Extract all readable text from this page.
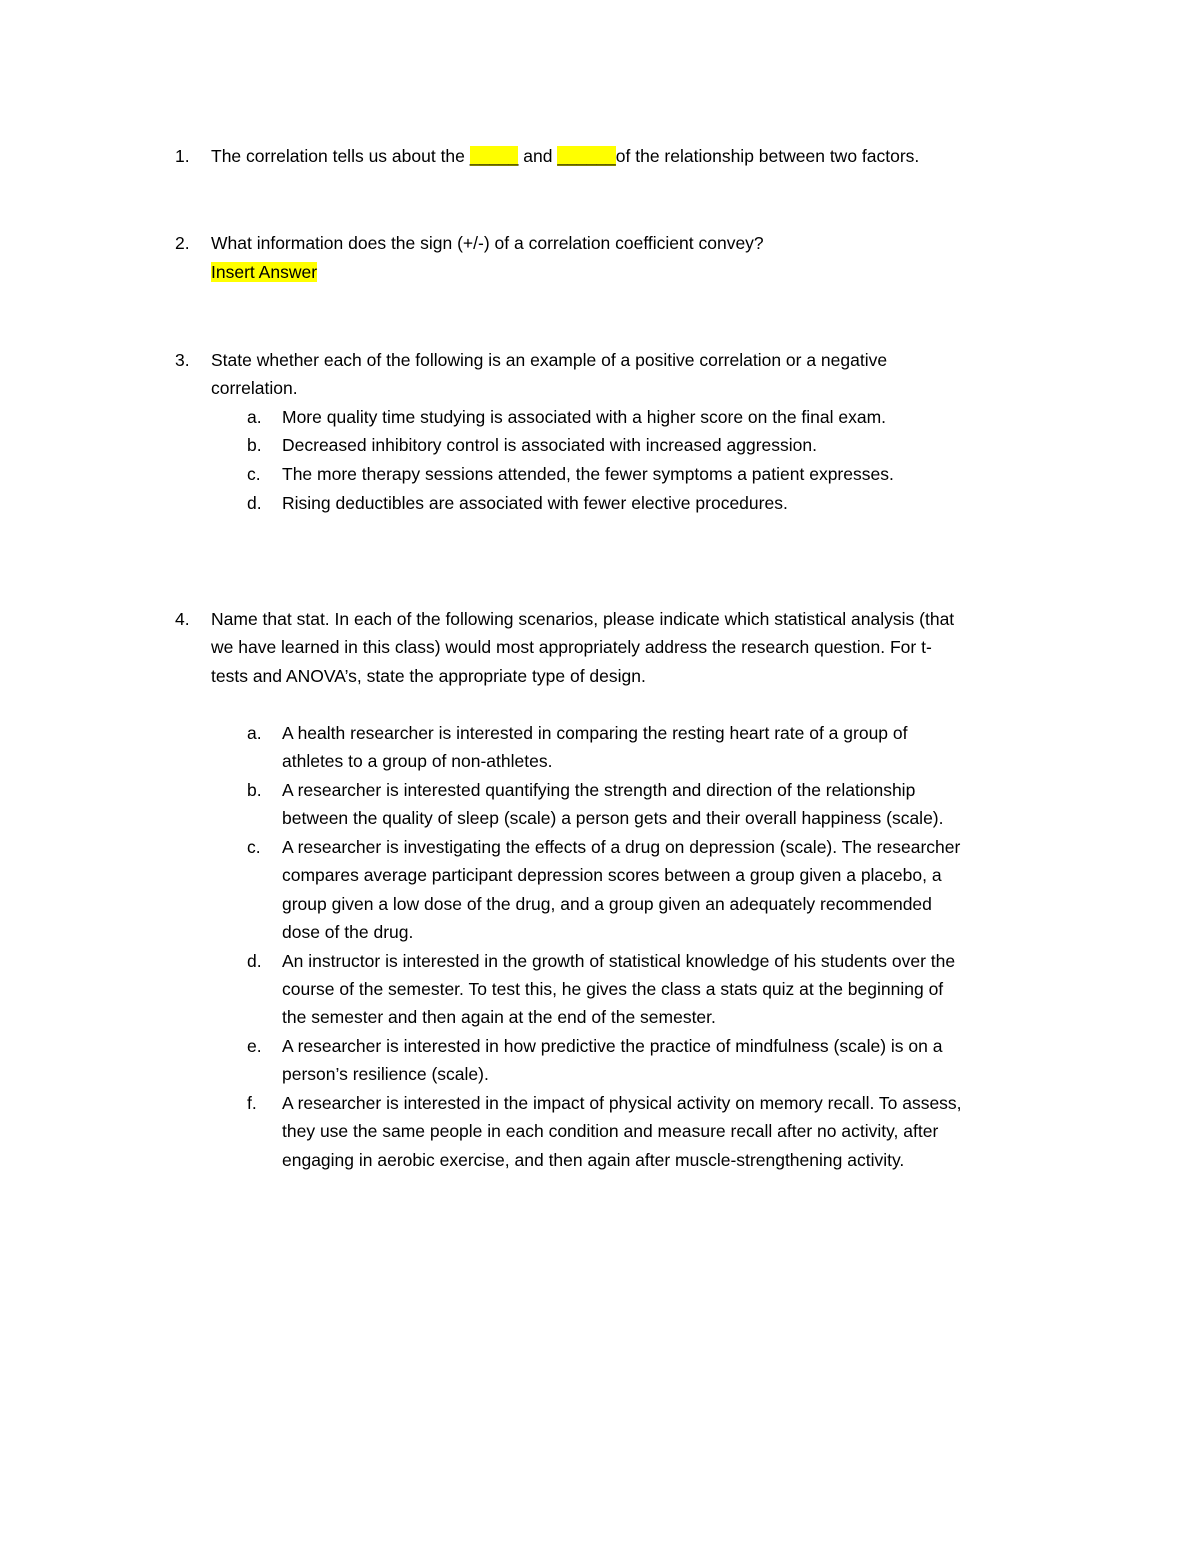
1. The correlation tells us about the _____ and ______of the relationship between two factors.
2. What information does the sign (+/-) of a correlation coefficient convey?
Insert Answer
3. State whether each of the following is an example of a positive correlation or a negative
correlation.
a. More quality time studying is associated with a higher score on the final exam.
b. Decreased inhibitory control is associated with increased aggression.
c. The more therapy sessions attended, the fewer symptoms a patient expresses.
d. Rising deductibles are associated with fewer elective procedures.
4. Name that stat. In each of the following scenarios, please indicate which statistical analysis (that
we have learned in this class) would most appropriately address the research question. For t-
tests and ANOVA’s, state the appropriate type of design.
a. A health researcher is interested in comparing the resting heart rate of a group of
athletes to a group of non-athletes.
b. A researcher is interested quantifying the strength and direction of the relationship
between the quality of sleep (scale) a person gets and their overall happiness (scale).
c. A researcher is investigating the effects of a drug on depression (scale). The researcher
compares average participant depression scores between a group given a placebo, a
group given a low dose of the drug, and a group given an adequately recommended
dose of the drug.
d. An instructor is interested in the growth of statistical knowledge of his students over the
course of the semester. To test this, he gives the class a stats quiz at the beginning of
the semester and then again at the end of the semester.
e. A researcher is interested in how predictive the practice of mindfulness (scale) is on a
person’s resilience (scale).
f. A researcher is interested in the impact of physical activity on memory recall. To assess,
they use the same people in each condition and measure recall after no activity, after
engaging in aerobic exercise, and then again after muscle-strengthening activity.
